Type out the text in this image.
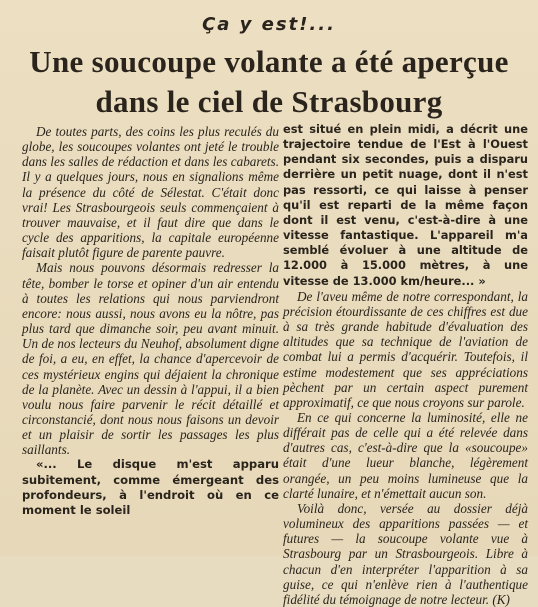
Ça y est!...
Une soucoupe volante a été aperçue dans le ciel de Strasbourg

De toutes parts, des coins les plus reculés du globe, les soucoupes volantes ont jeté le trouble dans les salles de rédaction et dans les cabarets. Il y a quelques jours, nous en signalions même la présence du côté de Sélestat. C'était donc vrai! Les Strasbourgeois seuls commençaient à trouver mauvaise, et il faut dire que dans le cycle des apparitions, la capitale européenne faisait plutôt figure de parente pauvre.

Mais nous pouvons désormais redresser la tête, bomber le torse et opiner d'un air entendu à toutes les relations qui nous parviendront encore: nous aussi, nous avons eu la nôtre, pas plus tard que dimanche soir, peu avant minuit. Un de nos lecteurs du Neuhof, absolument digne de foi, a eu, en effet, la chance d'apercevoir de ces mystérieux engins qui déjaient la chronique de la planète. Avec un dessin à l'appui, il a bien voulu nous faire parvenir le récit détaillé et circonstancié, dont nous nous faisons un devoir et un plaisir de sortir les passages les plus saillants.

«... Le disque m'est apparu subitement, comme émergeant des profondeurs, à l'endroit où en ce moment le soleil

est situé en plein midi, a décrit une trajectoire tendue de l'Est à l'Ouest pendant six secondes, puis a disparu derrière un petit nuage, dont il n'est pas ressorti, ce qui laisse à penser qu'il est reparti de la même façon dont il est venu, c'est-à-dire à une vitesse fantastique. L'appareil m'a semblé évoluer à une altitude de 12.000 à 15.000 mètres, à une vitesse de 13.000 km/heure... »

De l'aveu même de notre correspondant, la précision étourdissante de ces chiffres est due à sa très grande habitude d'évaluation des altitudes que sa technique de l'aviation de combat lui a permis d'acquérir. Toutefois, il estime modestement que ses appréciations pèchent par un certain aspect purement approximatif, ce que nous croyons sur parole.

En ce qui concerne la luminosité, elle ne différait pas de celle qui a été relevée dans d'autres cas, c'est-à-dire que la «soucoupe» était d'une lueur blanche, légèrement orangée, un peu moins lumineuse que la clarté lunaire, et n'émettait aucun son.

Voilà donc, versée au dossier déjà volumineux des apparitions passées — et futures — la soucoupe volante vue à Strasbourg par un Strasbourgeois. Libre à chacun d'en interpréter l'apparition à sa guise, ce qui n'enlève rien à l'authentique fidélité du témoignage de notre lecteur. (K)
